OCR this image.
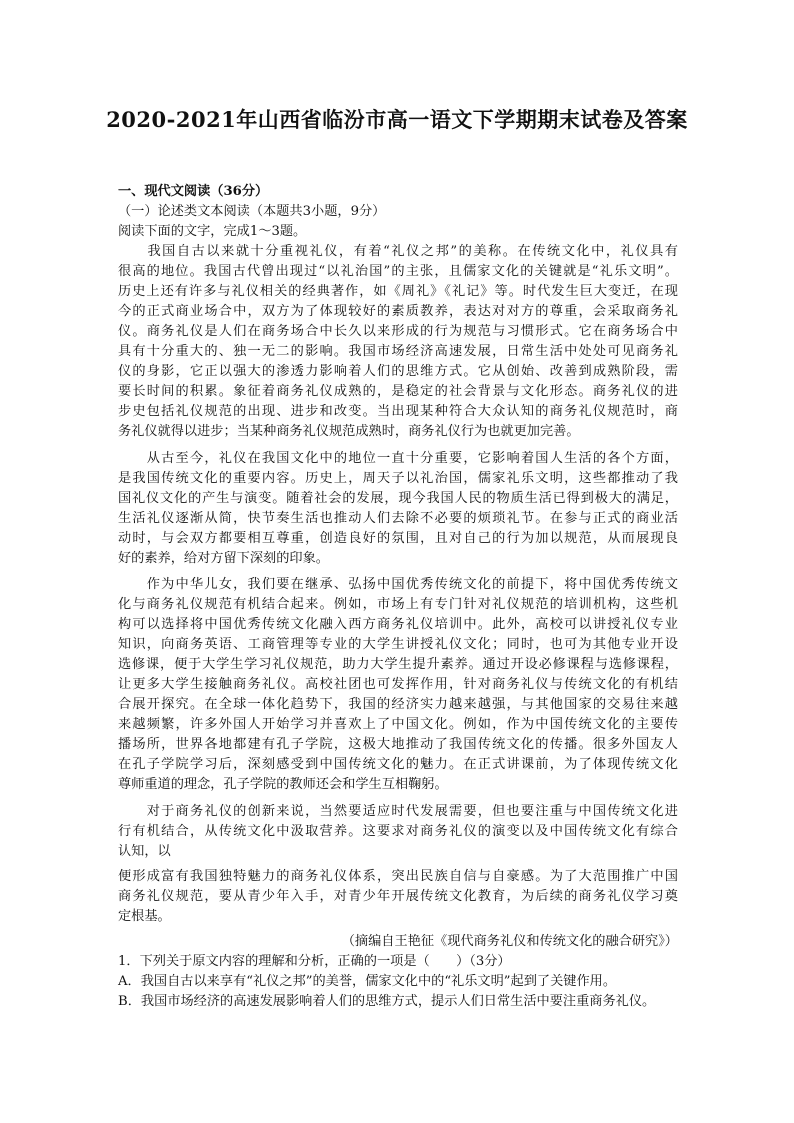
2020-2021年山西省临汾市高一语文下学期期末试卷及答案
一、现代文阅读（36分）
（一）论述类文本阅读（本题共3小题，9分）
阅读下面的文字，完成1～3题。
　　我国自古以来就十分重视礼仪，有着“礼仪之邦”的美称。在传统文化中，礼仪具有
很高的地位。我国古代曾出现过“以礼治国”的主张，且儒家文化的关键就是“礼乐文明”。
历史上还有许多与礼仪相关的经典著作，如《周礼》《礼记》等。时代发生巨大变迁，在现
今的正式商业场合中，双方为了体现较好的素质教养，表达对对方的尊重，会采取商务礼
仪。商务礼仪是人们在商务场合中长久以来形成的行为规范与习惯形式。它在商务场合中
具有十分重大的、独一无二的影响。我国市场经济高速发展，日常生活中处处可见商务礼
仪的身影，它正以强大的渗透力影响着人们的思维方式。它从创始、改善到成熟阶段，需
要长时间的积累。象征着商务礼仪成熟的，是稳定的社会背景与文化形态。商务礼仪的进
步史包括礼仪规范的出现、进步和改变。当出现某种符合大众认知的商务礼仪规范时，商
务礼仪就得以进步；当某种商务礼仪规范成熟时，商务礼仪行为也就更加完善。
　　从古至今，礼仪在我国文化中的地位一直十分重要，它影响着国人生活的各个方面，
是我国传统文化的重要内容。历史上，周天子以礼治国，儒家礼乐文明，这些都推动了我
国礼仪文化的产生与演变。随着社会的发展，现今我国人民的物质生活已得到极大的满足，
生活礼仪逐渐从简，快节奏生活也推动人们去除不必要的烦琐礼节。在参与正式的商业活
动时，与会双方都要相互尊重，创造良好的氛围，且对自己的行为加以规范，从而展现良
好的素养，给对方留下深刻的印象。
　　作为中华儿女，我们要在继承、弘扬中国优秀传统文化的前提下，将中国优秀传统文
化与商务礼仪规范有机结合起来。例如，市场上有专门针对礼仪规范的培训机构，这些机
构可以选择将中国优秀传统文化融入西方商务礼仪培训中。此外，高校可以讲授礼仪专业
知识，向商务英语、工商管理等专业的大学生讲授礼仪文化；同时，也可为其他专业开设
选修课，便于大学生学习礼仪规范，助力大学生提升素养。通过开设必修课程与选修课程，
让更多大学生接触商务礼仪。高校社团也可发挥作用，针对商务礼仪与传统文化的有机结
合展开探究。在全球一体化趋势下，我国的经济实力越来越强，与其他国家的交易往来越
来越频繁，许多外国人开始学习并喜欢上了中国文化。例如，作为中国传统文化的主要传
播场所，世界各地都建有孔子学院，这极大地推动了我国传统文化的传播。很多外国友人
在孔子学院学习后，深刻感受到中国传统文化的魅力。在正式讲课前，为了体现传统文化
尊师重道的理念，孔子学院的教师还会和学生互相鞠躬。
　　对于商务礼仪的创新来说，当然要适应时代发展需要，但也要注重与中国传统文化进
行有机结合，从传统文化中汲取营养。这要求对商务礼仪的演变以及中国传统文化有综合
认知，以
便形成富有我国独特魅力的商务礼仪体系，突出民族自信与自豪感。为了大范围推广中国
商务礼仪规范，要从青少年入手，对青少年开展传统文化教育，为后续的商务礼仪学习奠
定根基。
（摘编自王艳征《现代商务礼仪和传统文化的融合研究》）
1．下列关于原文内容的理解和分析，正确的一项是（　　）（3分）
A．我国自古以来享有“礼仪之邦”的美誉，儒家文化中的“礼乐文明”起到了关键作用。
B．我国市场经济的高速发展影响着人们的思维方式，提示人们日常生活中要注重商务礼仪。
